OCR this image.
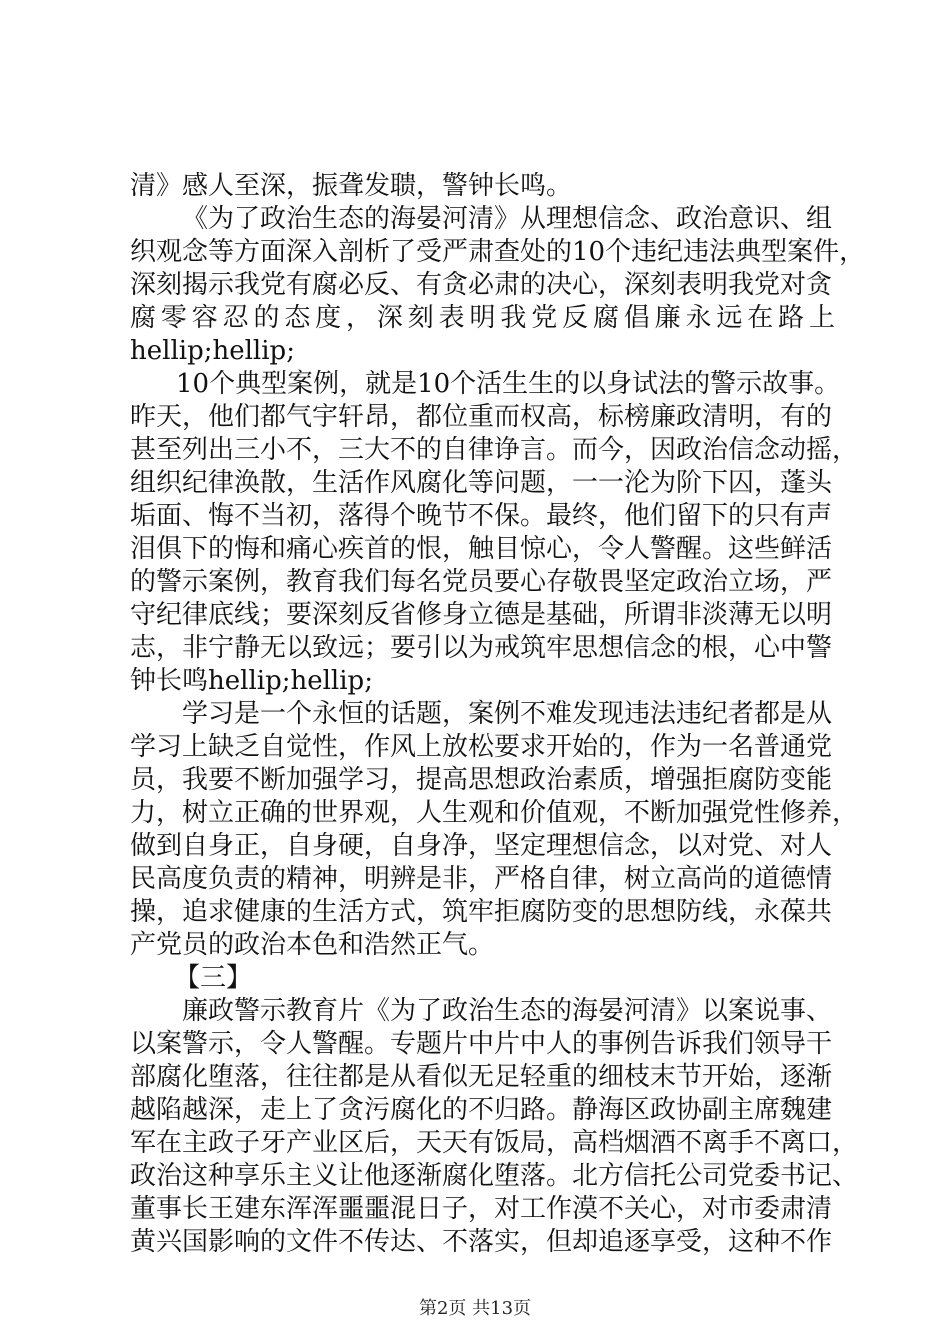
清》感人至深，振聋发聩，警钟长鸣。
《为了政治生态的海晏河清》从理想信念、政治意识、组
织观念等方面深入剖析了受严肃查处的10个违纪违法典型案件，
深刻揭示我党有腐必反、有贪必肃的决心，深刻表明我党对贪
腐零容忍的态度，深刻表明我党反腐倡廉永远在路上
hellip;hellip;
10个典型案例，就是10个活生生的以身试法的警示故事。
昨天，他们都气宇轩昂，都位重而权高，标榜廉政清明，有的
甚至列出三小不，三大不的自律诤言。而今，因政治信念动摇，
组织纪律涣散，生活作风腐化等问题，一一沦为阶下囚，蓬头
垢面、悔不当初，落得个晚节不保。最终，他们留下的只有声
泪俱下的悔和痛心疾首的恨，触目惊心，令人警醒。这些鲜活
的警示案例，教育我们每名党员要心存敬畏坚定政治立场，严
守纪律底线；要深刻反省修身立德是基础，所谓非淡薄无以明
志，非宁静无以致远；要引以为戒筑牢思想信念的根，心中警
钟长鸣hellip;hellip;
学习是一个永恒的话题，案例不难发现违法违纪者都是从
学习上缺乏自觉性，作风上放松要求开始的，作为一名普通党
员，我要不断加强学习，提高思想政治素质，增强拒腐防变能
力，树立正确的世界观，人生观和价值观，不断加强党性修养，
做到自身正，自身硬，自身净，坚定理想信念，以对党、对人
民高度负责的精神，明辨是非，严格自律，树立高尚的道德情
操，追求健康的生活方式，筑牢拒腐防变的思想防线，永葆共
产党员的政治本色和浩然正气。
【三】
廉政警示教育片《为了政治生态的海晏河清》以案说事、
以案警示，令人警醒。专题片中片中人的事例告诉我们领导干
部腐化堕落，往往都是从看似无足轻重的细枝末节开始，逐渐
越陷越深，走上了贪污腐化的不归路。静海区政协副主席魏建
军在主政子牙产业区后，天天有饭局，高档烟酒不离手不离口，
政治这种享乐主义让他逐渐腐化堕落。北方信托公司党委书记、
董事长王建东浑浑噩噩混日子，对工作漠不关心，对市委肃清
黄兴国影响的文件不传达、不落实，但却追逐享受，这种不作
第2页 共13页
